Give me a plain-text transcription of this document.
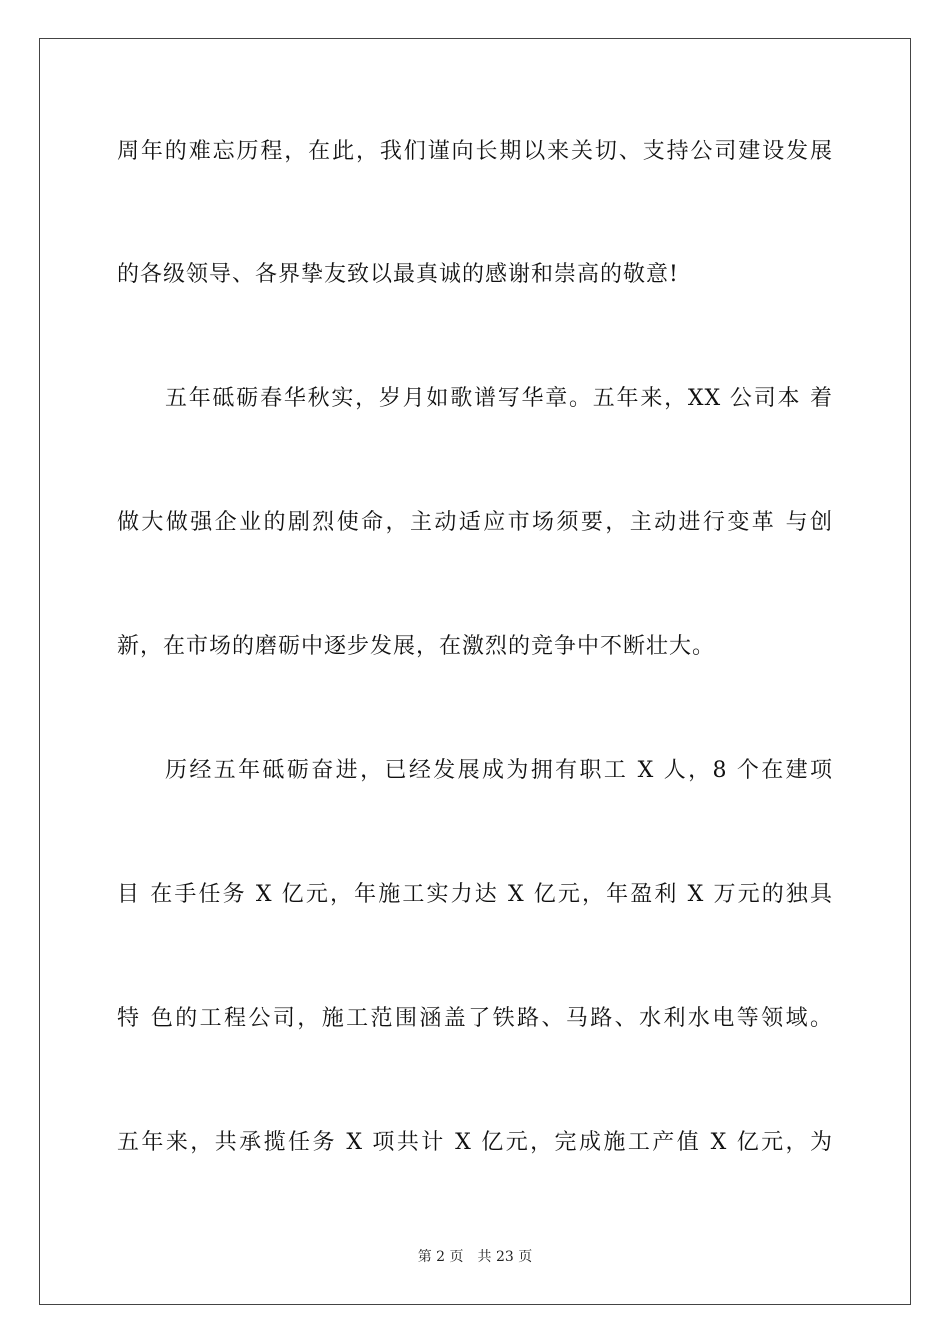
周年的难忘历程，在此，我们谨向长期以来关切、支持公司建设发展
的各级领导、各界挚友致以最真诚的感谢和崇高的敬意!
五年砥砺春华秋实，岁月如歌谱写华章。五年来，XX 公司本 着
做大做强企业的剧烈使命，主动适应市场须要，主动进行变革 与创
新，在市场的磨砺中逐步发展，在激烈的竞争中不断壮大。
历经五年砥砺奋进，已经发展成为拥有职工 X 人，8 个在建项
目 在手任务 X 亿元，年施工实力达 X 亿元，年盈利 X 万元的独具
特 色的工程公司，施工范围涵盖了铁路、马路、水利水电等领域。
五年来，共承揽任务 X 项共计 X 亿元，完成施工产值 X 亿元，为
第 2 页 共 23 页
